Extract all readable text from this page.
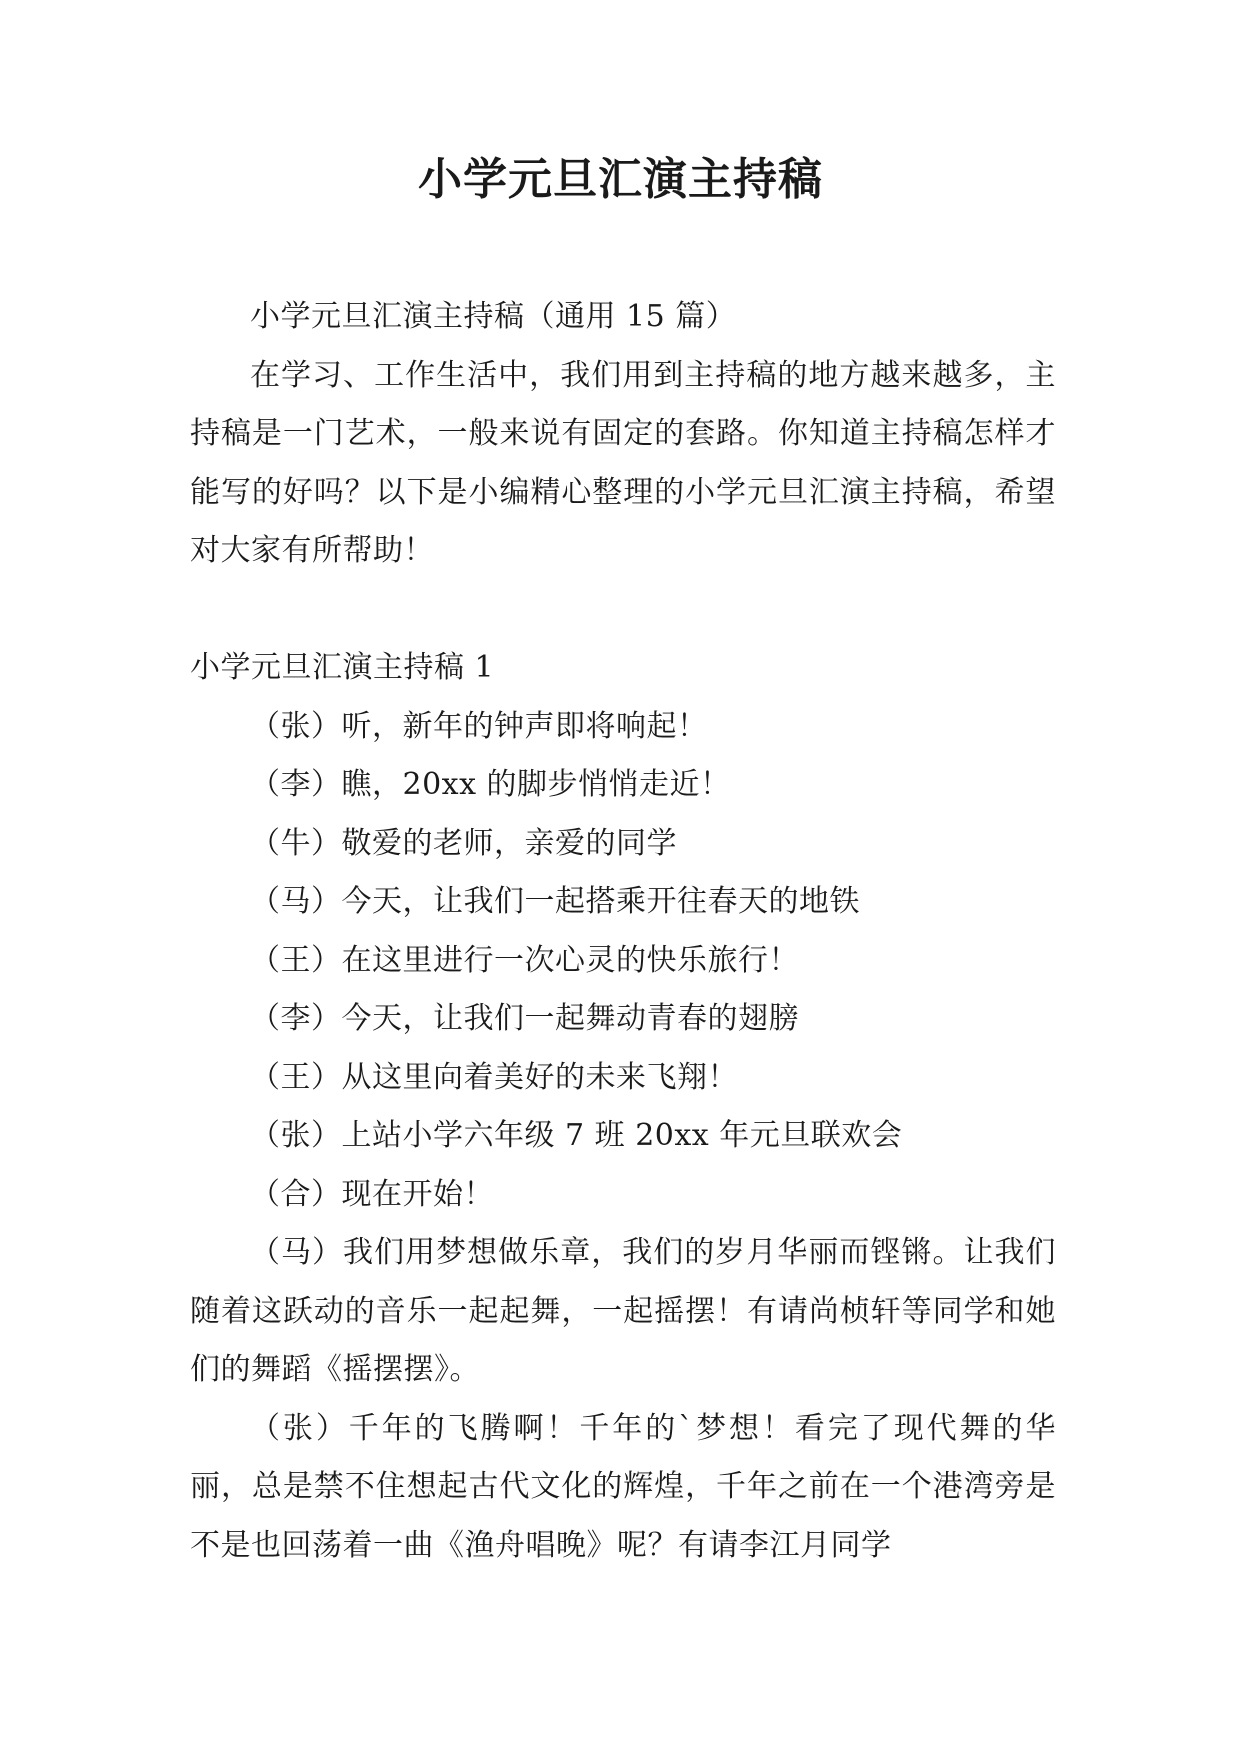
小学元旦汇演主持稿

小学元旦汇演主持稿（通用 15 篇）

在学习、工作生活中，我们用到主持稿的地方越来越多，主持稿是一门艺术，一般来说有固定的套路。你知道主持稿怎样才能写的好吗？以下是小编精心整理的小学元旦汇演主持稿，希望对大家有所帮助！

小学元旦汇演主持稿 1

（张）听，新年的钟声即将响起！

（李）瞧，20xx 的脚步悄悄走近！

（牛）敬爱的老师，亲爱的同学

（马）今天，让我们一起搭乘开往春天的地铁

（王）在这里进行一次心灵的快乐旅行！

（李）今天，让我们一起舞动青春的翅膀

（王）从这里向着美好的未来飞翔！

（张）上站小学六年级 7 班 20xx 年元旦联欢会

（合）现在开始！

（马）我们用梦想做乐章，我们的岁月华丽而铿锵。让我们随着这跃动的音乐一起起舞，一起摇摆！有请尚桢轩等同学和她们的舞蹈《摇摆摆》。

（张）千年的飞腾啊！千年的`梦想！看完了现代舞的华丽，总是禁不住想起古代文化的辉煌，千年之前在一个港湾旁是不是也回荡着一曲《渔舟唱晚》呢？有请李江月同学
